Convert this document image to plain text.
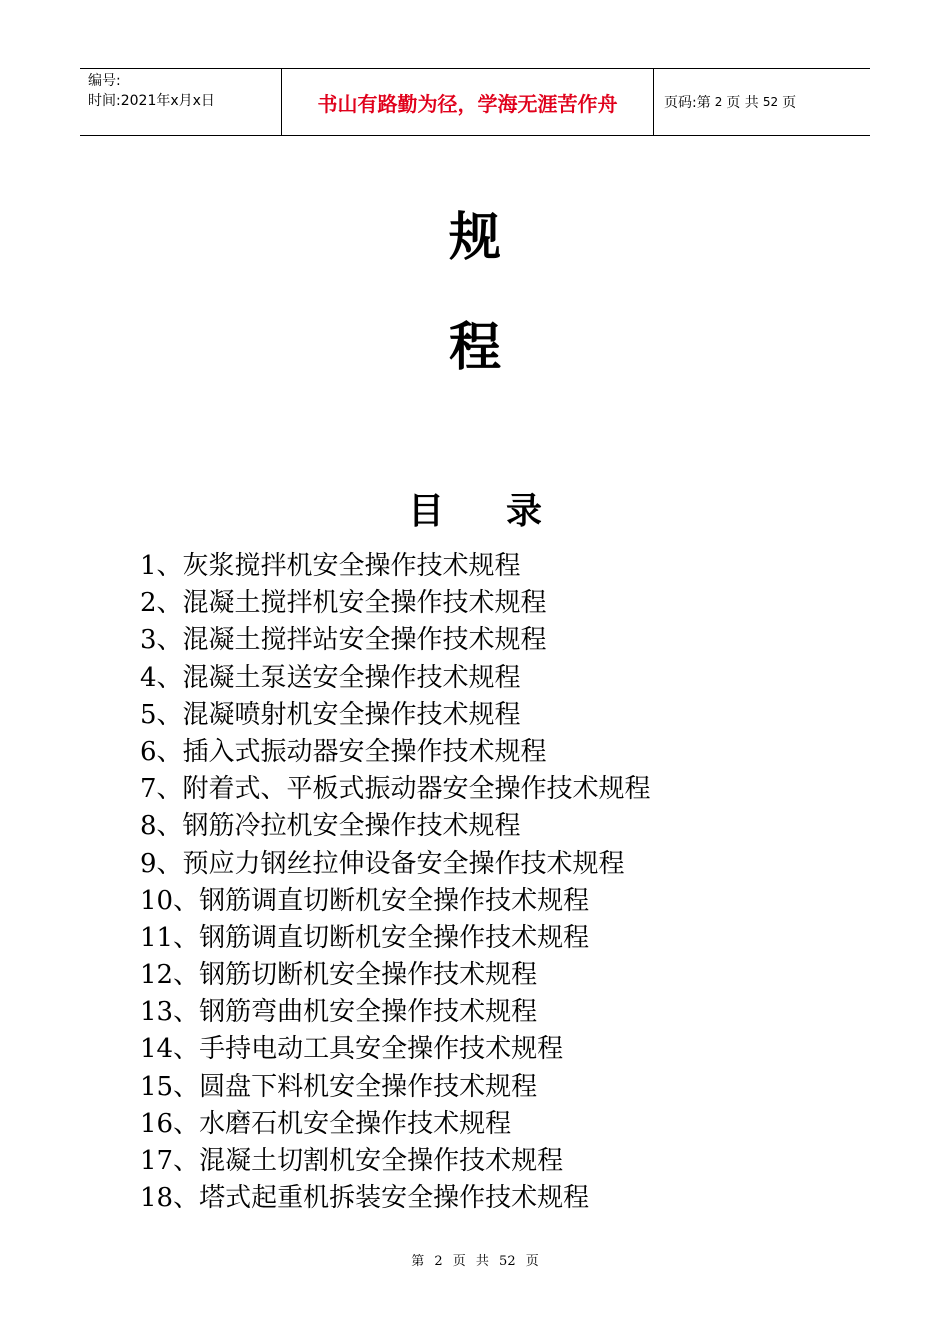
编号:
时间:2021年x月x日	书山有路勤为径，学海无涯苦作舟	页码:第 2 页 共 52 页
规
程
目 录
1、灰浆搅拌机安全操作技术规程
2、混凝土搅拌机安全操作技术规程
3、混凝土搅拌站安全操作技术规程
4、混凝土泵送安全操作技术规程
5、混凝喷射机安全操作技术规程
6、插入式振动器安全操作技术规程
7、附着式、平板式振动器安全操作技术规程
8、钢筋冷拉机安全操作技术规程
9、预应力钢丝拉伸设备安全操作技术规程
10、钢筋调直切断机安全操作技术规程
11、钢筋调直切断机安全操作技术规程
12、钢筋切断机安全操作技术规程
13、钢筋弯曲机安全操作技术规程
14、手持电动工具安全操作技术规程
15、圆盘下料机安全操作技术规程
16、水磨石机安全操作技术规程
17、混凝土切割机安全操作技术规程
18、塔式起重机拆装安全操作技术规程
第 2 页 共 52 页
